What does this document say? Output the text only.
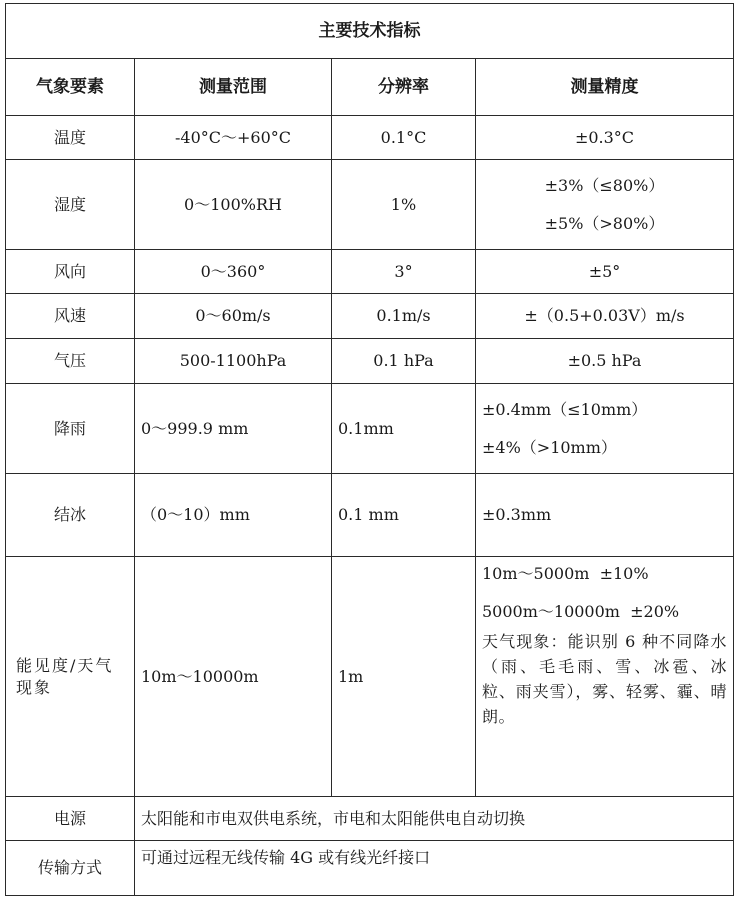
主要技术指标			
气象要素	测量范围	分辨率	测量精度
温度	-40°C～+60°C	0.1°C	±0.3°C
湿度	0～100%RH	1%	±3%（≤80%）
±5%（>80%）

风向	0～360°	3°	±5°
风速	0～60m/s	0.1m/s	±（0.5+0.03V）m/s
气压	500-1100hPa	0.1 hPa	±0.5 hPa
降雨	0～999.9 mm	0.1mm	±0.4mm（≤10mm）
±4%（>10mm）

结冰	（0～10）mm	0.1 mm	±0.3mm
能见度/天气现象	10m～10000m	1m	10m～5000m  ±10%
5000m～10000m  ±20%
天气现象：能识别 6 种不同降水（雨、毛毛雨、雪、冰雹、冰粒、雨夹雪），雾、轻雾、霾、晴朗。

电源	太阳能和市电双供电系统，市电和太阳能供电自动切换		
传输方式	可通过远程无线传输 4G 或有线光纤接口		
